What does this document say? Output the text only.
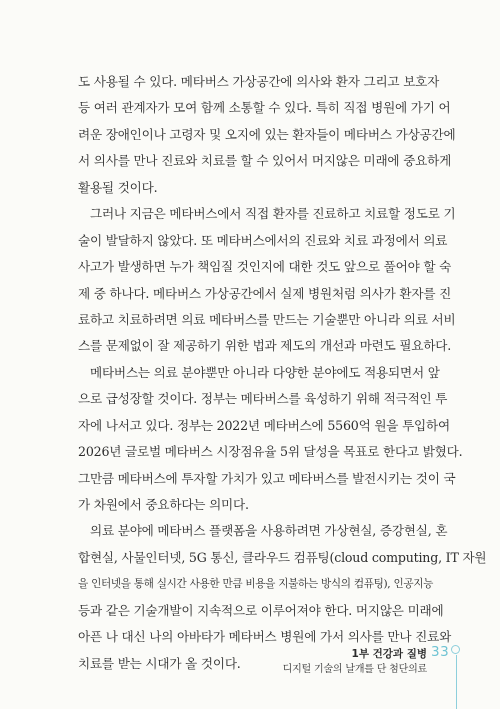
도 사용될 수 있다. 메타버스 가상공간에 의사와 환자 그리고 보호자
등 여러 관계자가 모여 함께 소통할 수 있다. 특히 직접 병원에 가기 어
려운 장애인이나 고령자 및 오지에 있는 환자들이 메타버스 가상공간에
서 의사를 만나 진료와 치료를 할 수 있어서 머지않은 미래에 중요하게
활용될 것이다.
그러나 지금은 메타버스에서 직접 환자를 진료하고 치료할 정도로 기
술이 발달하지 않았다. 또 메타버스에서의 진료와 치료 과정에서 의료
사고가 발생하면 누가 책임질 것인지에 대한 것도 앞으로 풀어야 할 숙
제 중 하나다. 메타버스 가상공간에서 실제 병원처럼 의사가 환자를 진
료하고 치료하려면 의료 메타버스를 만드는 기술뿐만 아니라 의료 서비
스를 문제없이 잘 제공하기 위한 법과 제도의 개선과 마련도 필요하다.
메타버스는 의료 분야뿐만 아니라 다양한 분야에도 적용되면서 앞
으로 급성장할 것이다. 정부는 메타버스를 육성하기 위해 적극적인 투
자에 나서고 있다. 정부는 2022년 메타버스에 5560억 원을 투입하여
2026년 글로벌 메타버스 시장점유율 5위 달성을 목표로 한다고 밝혔다.
그만큼 메타버스에 투자할 가치가 있고 메타버스를 발전시키는 것이 국
가 차원에서 중요하다는 의미다.
의료 분야에 메타버스 플랫폼을 사용하려면 가상현실, 증강현실, 혼
합현실, 사물인터넷, 5G 통신, 클라우드 컴퓨팅(cloud computing, IT 자원
을 인터넷을 통해 실시간 사용한 만큼 비용을 지불하는 방식의 컴퓨팅), 인공지능
등과 같은 기술개발이 지속적으로 이루어져야 한다. 머지않은 미래에
아픈 나 대신 나의 아바타가 메타버스 병원에 가서 의사를 만나 진료와
치료를 받는 시대가 올 것이다.
1부 건강과 질병
디지털 기술의 날개를 단 첨단의료
33
